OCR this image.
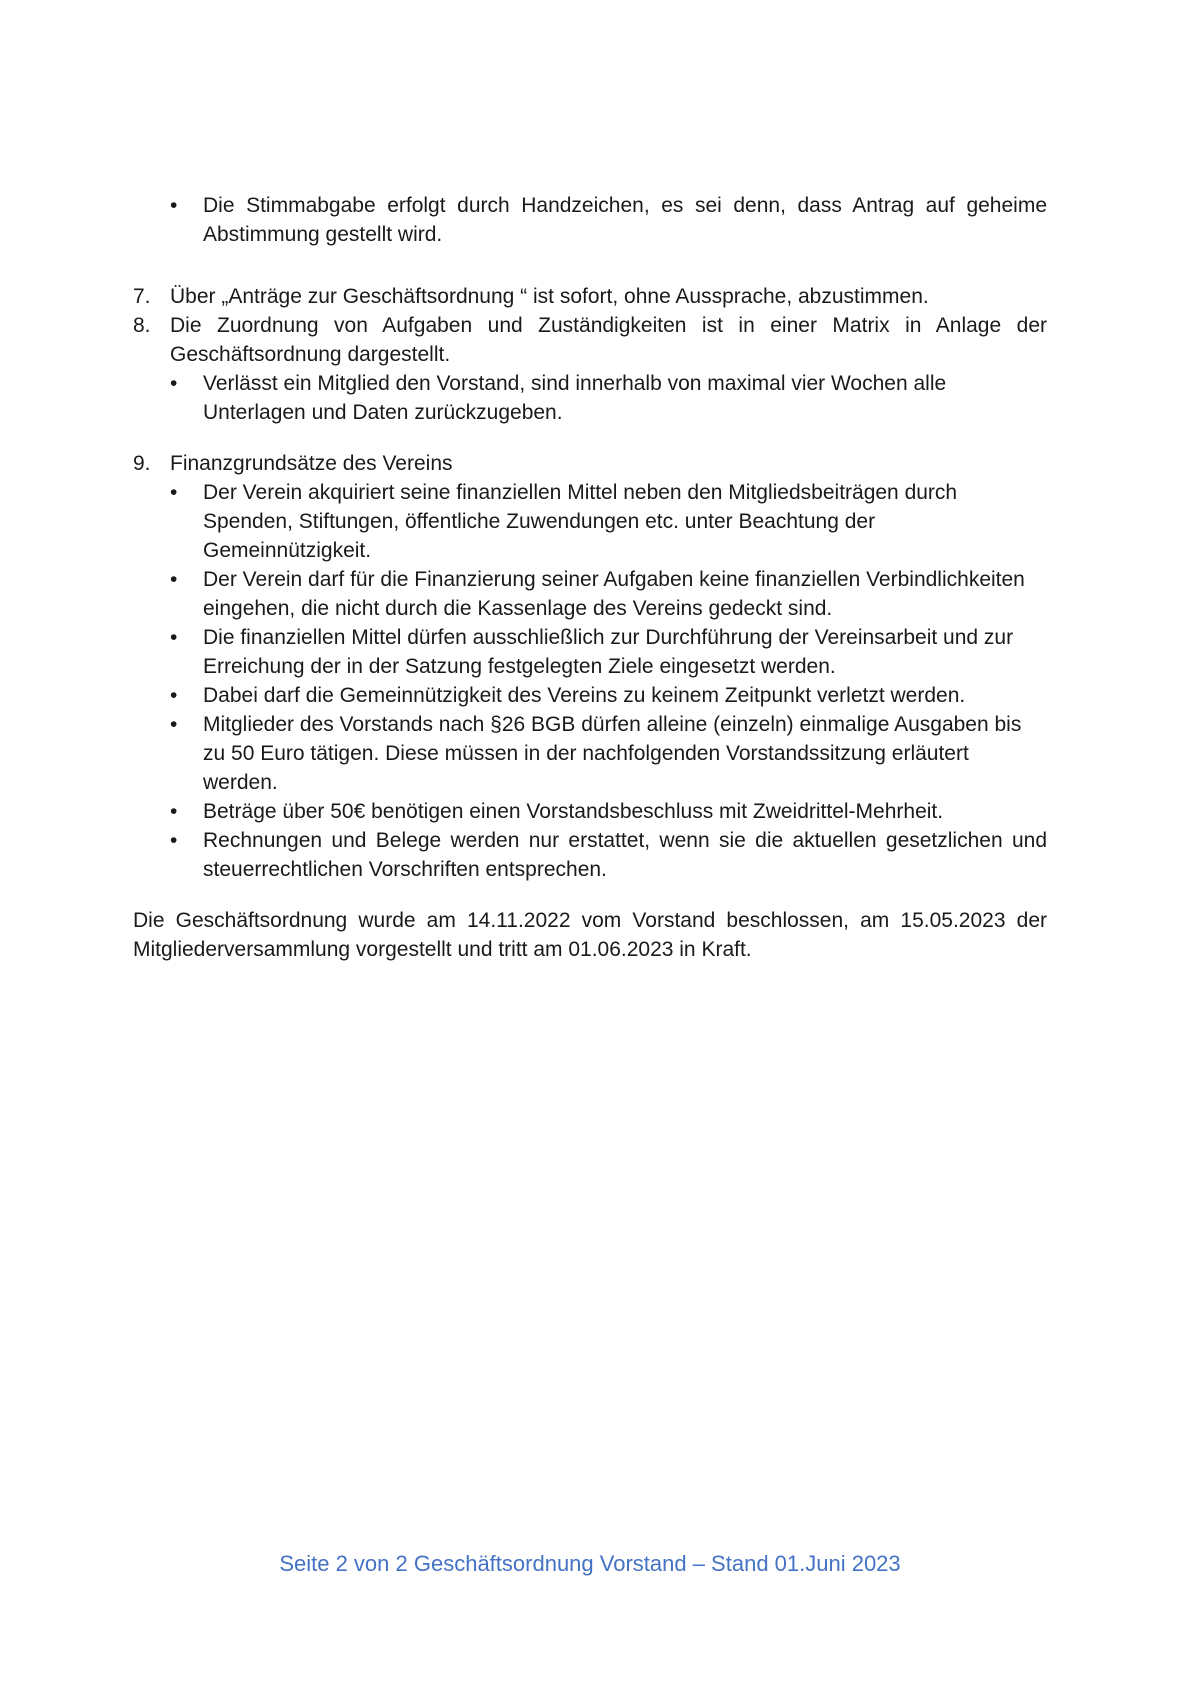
•	Die Stimmabgabe erfolgt durch Handzeichen, es sei denn, dass Antrag auf geheime Abstimmung gestellt wird.
7. Über „Anträge zur Geschäftsordnung “ ist sofort, ohne Aussprache, abzustimmen.
8. Die Zuordnung von Aufgaben und Zuständigkeiten ist in einer Matrix in Anlage der Geschäftsordnung dargestellt.
•	Verlässt ein Mitglied den Vorstand, sind innerhalb von maximal vier Wochen alle Unterlagen und Daten zurückzugeben.
9. Finanzgrundsätze des Vereins
•	Der Verein akquiriert seine finanziellen Mittel neben den Mitgliedsbeiträgen durch Spenden, Stiftungen, öffentliche Zuwendungen etc. unter Beachtung der Gemeinnützigkeit.
•	Der Verein darf für die Finanzierung seiner Aufgaben keine finanziellen Verbindlichkeiten eingehen, die nicht durch die Kassenlage des Vereins gedeckt sind.
•	Die finanziellen Mittel dürfen ausschließlich zur Durchführung der Vereinsarbeit und zur Erreichung der in der Satzung festgelegten Ziele eingesetzt werden.
•	Dabei darf die Gemeinnützigkeit des Vereins zu keinem Zeitpunkt verletzt werden.
•	Mitglieder des Vorstands nach §26 BGB dürfen alleine (einzeln) einmalige Ausgaben bis zu 50 Euro tätigen. Diese müssen in der nachfolgenden Vorstandssitzung erläutert werden.
•	Beträge über 50€ benötigen einen Vorstandsbeschluss mit Zweidrittel-Mehrheit.
•	Rechnungen und Belege werden nur erstattet, wenn sie die aktuellen gesetzlichen und steuerrechtlichen Vorschriften entsprechen.
Die Geschäftsordnung wurde am 14.11.2022 vom Vorstand beschlossen, am 15.05.2023 der Mitgliederversammlung vorgestellt und tritt am 01.06.2023 in Kraft.
Seite 2 von 2 Geschäftsordnung Vorstand – Stand 01.Juni 2023
